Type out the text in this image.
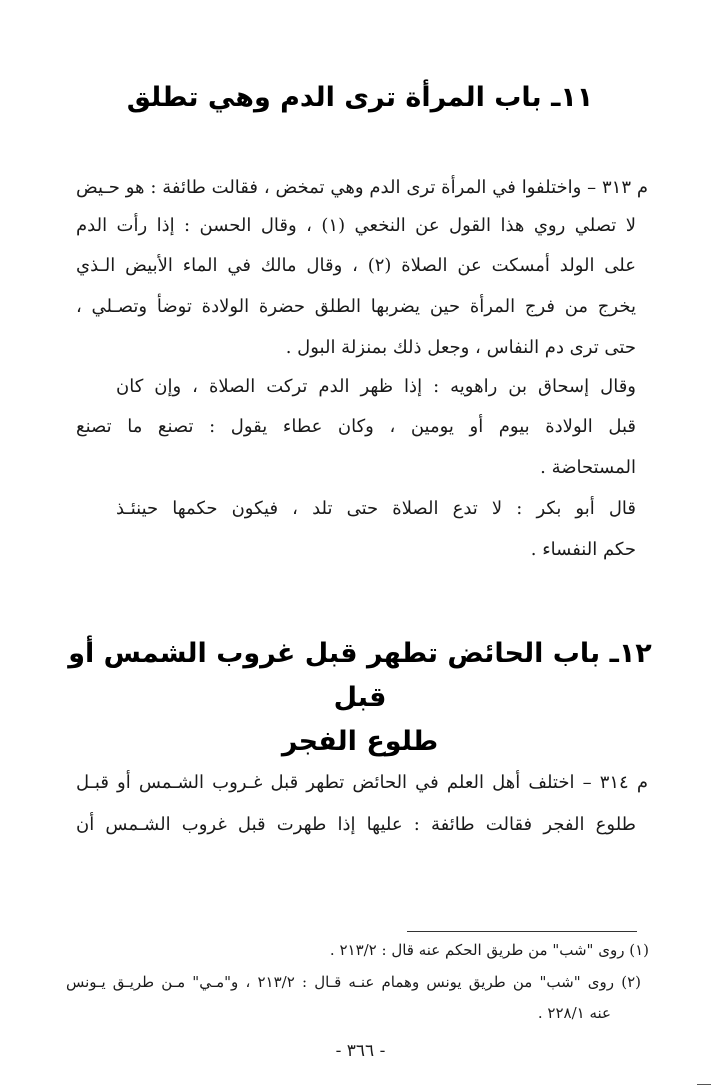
١١ـ باب المرأة ترى الدم وهي تطلق
م ٣١٣ – واختلفوا في المرأة ترى الدم وهي تمخض ، فقالت طائفة : هو حـيض
لا تصلي روي هذا القول عن النخعي (١) ، وقال الحسن : إذا رأت الدم
على الولد أمسكت عن الصلاة (٢) ، وقال مالك في الماء الأبيض الـذي
يخرج من فرج المرأة حين يضربها الطلق حضرة الولادة توضأ وتصـلي ،
حتى ترى دم النفاس ، وجعل ذلك بمنزلة البول .
وقال إسحاق بن راهويه : إذا ظهر الدم تركت الصلاة ، وإن كان
قبل الولادة بيوم أو يومين ، وكان عطاء يقول : تصنع ما تصنع
المستحاضة .
قال أبو بكر : لا تدع الصلاة حتى تلد ، فيكون حكمها حينئـذ
حكم النفساء .
١٢ـ باب الحائض تطهر قبل غروب الشمس أو قبل
طلوع الفجر
م ٣١٤ – اختلف أهل العلم في الحائض تطهر قبل غـروب الشـمس أو قبـل
طلوع الفجر فقالت طائفة : عليها إذا طهرت قبل غروب الشـمس أن
(١) روى "شب" من طريق الحكم عنه قال : ٢١٣/٢ .
(٢) روى "شب" من طريق يونس وهمام عنـه قـال : ٢١٣/٢ ، و"مـي" مـن طريـق يـونس
عنه ٢٢٨/١ .
- ٣٦٦ -
